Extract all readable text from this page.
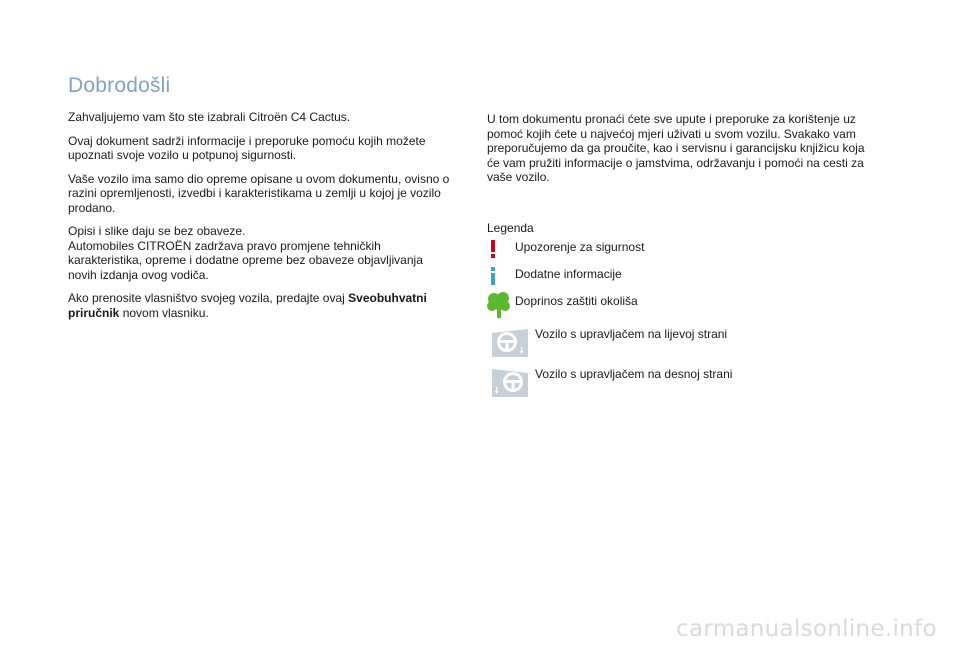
Dobrodošli

Zahvaljujemo vam što ste izabrali Citroën C4 Cactus.

Ovaj dokument sadrži informacije i preporuke pomoću kojih možete
upoznati svoje vozilo u potpunoj sigurnosti.

Vaše vozilo ima samo dio opreme opisane u ovom dokumentu, ovisno o
razini opremljenosti, izvedbi i karakteristikama u zemlji u kojoj je vozilo
prodano.

Opisi i slike daju se bez obaveze.
Automobiles CITROËN zadržava pravo promjene tehničkih
karakteristika, opreme i dodatne opreme bez obaveze objavljivanja
novih izdanja ovog vodiča.

Ako prenosite vlasništvo svojeg vozila, predajte ovaj Sveobuhvatni
priručnik novom vlasniku.

U tom dokumentu pronaći ćete sve upute i preporuke za korištenje uz
pomoć kojih ćete u najvećoj mjeri uživati u svom vozilu. Svakako vam
preporučujemo da ga proučite, kao i servisnu i garancijsku knjižicu koja
će vam pružiti informacije o jamstvima, održavanju i pomoći na cesti za
vaše vozilo.

Legenda
Upozorenje za sigurnost
Dodatne informacije
Doprinos zaštiti okoliša
Vozilo s upravljačem na lijevoj strani
Vozilo s upravljačem na desnoj strani
carmanualsonline.info
